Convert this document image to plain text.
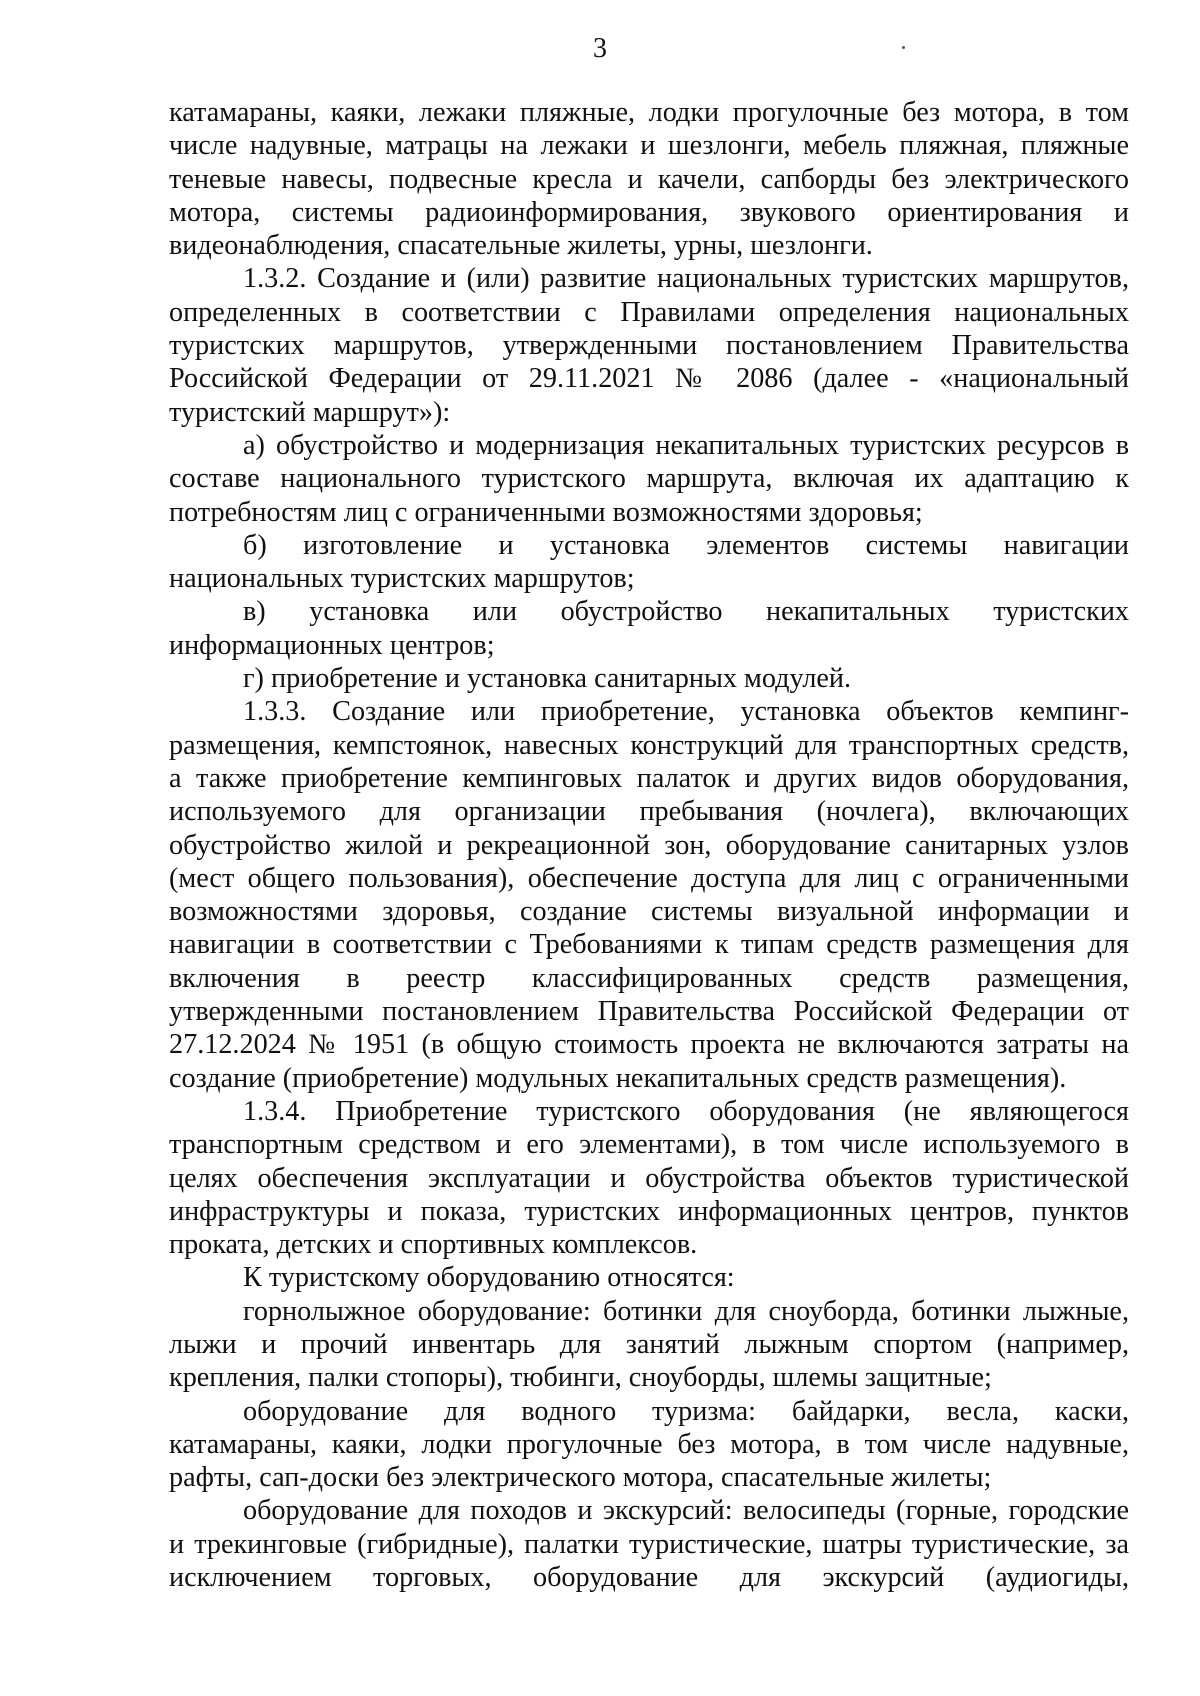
3

катамараны, каяки, лежаки пляжные, лодки прогулочные без мотора, в том

числе надувные, матрацы на лежаки и шезлонги, мебель пляжная, пляжные

теневые навесы, подвесные кресла и качели, сапборды без электрического

мотора, системы радиоинформирования, звукового ориентирования и

видеонаблюдения, спасательные жилеты, урны, шезлонги.

1.3.2. Создание и (или) развитие национальных туристских маршрутов,

определенных в соответствии с Правилами определения национальных

туристских маршрутов, утвержденными постановлением Правительства

Российской Федерации от 29.11.2021 № 2086 (далее - «национальный

туристский маршрут»):

а) обустройство и модернизация некапитальных туристских ресурсов в

составе национального туристского маршрута, включая их адаптацию к

потребностям лиц с ограниченными возможностями здоровья;

б) изготовление и установка элементов системы навигации

национальных туристских маршрутов;

в) установка или обустройство некапитальных туристских

информационных центров;

г) приобретение и установка санитарных модулей.

1.3.3. Создание или приобретение, установка объектов кемпинг-

размещения, кемпстоянок, навесных конструкций для транспортных средств,

а также приобретение кемпинговых палаток и других видов оборудования,

используемого для организации пребывания (ночлега), включающих

обустройство жилой и рекреационной зон, оборудование санитарных узлов

(мест общего пользования), обеспечение доступа для лиц с ограниченными

возможностями здоровья, создание системы визуальной информации и

навигации в соответствии с Требованиями к типам средств размещения для

включения в реестр классифицированных средств размещения,

утвержденными постановлением Правительства Российской Федерации от

27.12.2024 № 1951 (в общую стоимость проекта не включаются затраты на

создание (приобретение) модульных некапитальных средств размещения).

1.3.4. Приобретение туристского оборудования (не являющегося

транспортным средством и его элементами), в том числе используемого в

целях обеспечения эксплуатации и обустройства объектов туристической

инфраструктуры и показа, туристских информационных центров, пунктов

проката, детских и спортивных комплексов.

К туристскому оборудованию относятся:

горнолыжное оборудование: ботинки для сноуборда, ботинки лыжные,

лыжи и прочий инвентарь для занятий лыжным спортом (например,

крепления, палки стопоры), тюбинги, сноуборды, шлемы защитные;

оборудование для водного туризма: байдарки, весла, каски,

катамараны, каяки, лодки прогулочные без мотора, в том числе надувные,

рафты, сап-доски без электрического мотора, спасательные жилеты;

оборудование для походов и экскурсий: велосипеды (горные, городские

и трекинговые (гибридные), палатки туристические, шатры туристические, за

исключением торговых, оборудование для экскурсий (аудиогиды,
